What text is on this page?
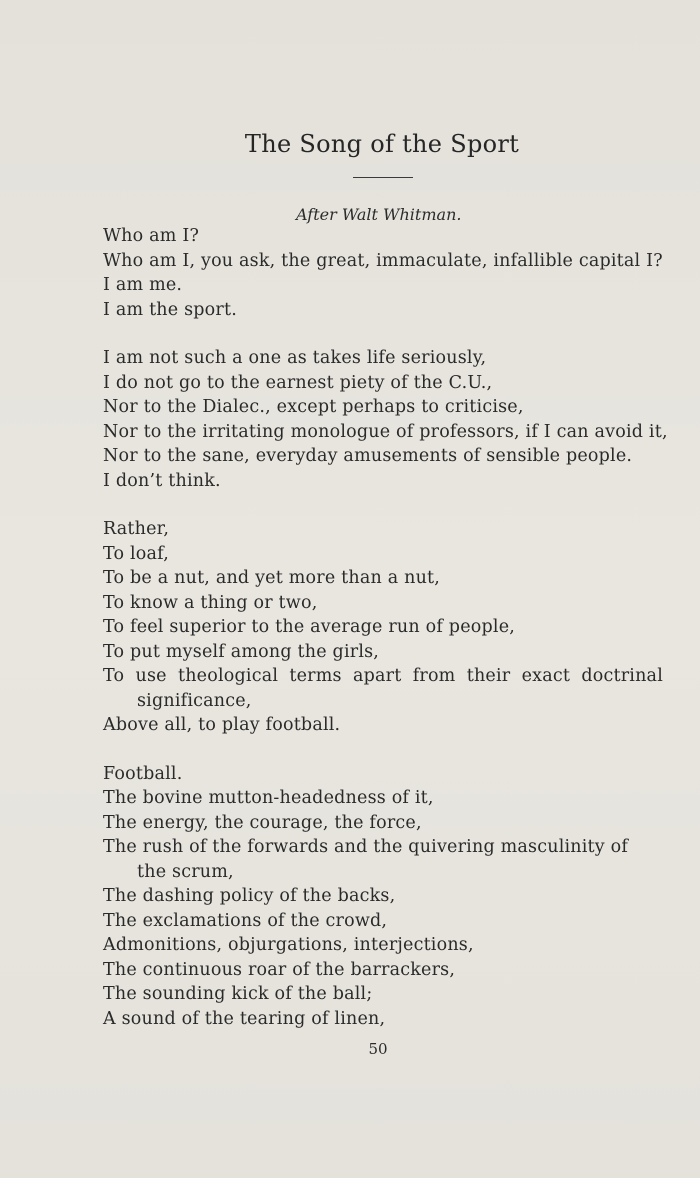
The Song of the Sport
After Walt Whitman.
Who am I?
Who am I, you ask, the great, immaculate, infallible capital I?
I am me.
I am the sport.
I am not such a one as takes life seriously,
I do not go to the earnest piety of the C.U.,
Nor to the Dialec., except perhaps to criticise,
Nor to the irritating monologue of professors, if I can avoid it,
Nor to the sane, everyday amusements of sensible people.
I don’t think.
Rather,
To loaf,
To be a nut, and yet more than a nut,
To know a thing or two,
To feel superior to the average run of people,
To put myself among the girls,
To use theological terms apart from their exact doctrinal significance,
Above all, to play football.
Football.
The bovine mutton-headedness of it,
The energy, the courage, the force,
The rush of the forwards and the quivering masculinity of the scrum,
The dashing policy of the backs,
The exclamations of the crowd,
Admonitions, objurgations, interjections,
The continuous roar of the barrackers,
The sounding kick of the ball;
A sound of the tearing of linen,
50
